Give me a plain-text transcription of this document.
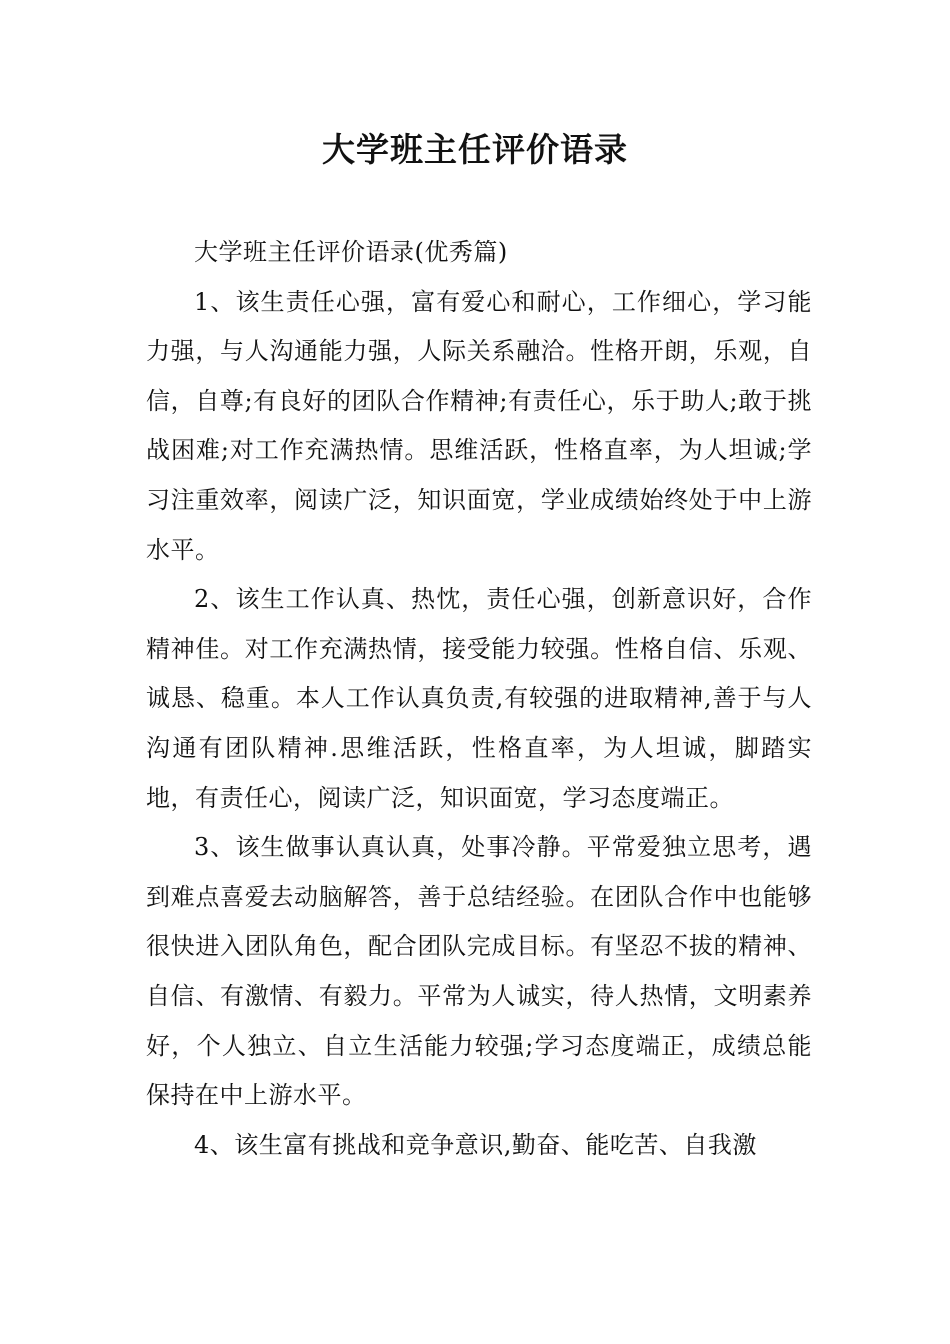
大学班主任评价语录

大学班主任评价语录(优秀篇)

1、该生责任心强，富有爱心和耐心，工作细心，学习能力强，与人沟通能力强，人际关系融洽。性格开朗，乐观，自信，自尊;有良好的团队合作精神;有责任心，乐于助人;敢于挑战困难;对工作充满热情。思维活跃，性格直率，为人坦诚;学习注重效率，阅读广泛，知识面宽，学业成绩始终处于中上游水平。

2、该生工作认真、热忱，责任心强，创新意识好，合作精神佳。对工作充满热情，接受能力较强。性格自信、乐观、诚恳、稳重。本人工作认真负责,有较强的进取精神,善于与人沟通有团队精神.思维活跃，性格直率，为人坦诚，脚踏实地，有责任心，阅读广泛，知识面宽，学习态度端正。

3、该生做事认真认真，处事冷静。平常爱独立思考，遇到难点喜爱去动脑解答，善于总结经验。在团队合作中也能够很快进入团队角色，配合团队完成目标。有坚忍不拔的精神、自信、有激情、有毅力。平常为人诚实，待人热情，文明素养好，个人独立、自立生活能力较强;学习态度端正，成绩总能保持在中上游水平。

4、该生富有挑战和竞争意识,勤奋、能吃苦、自我激
